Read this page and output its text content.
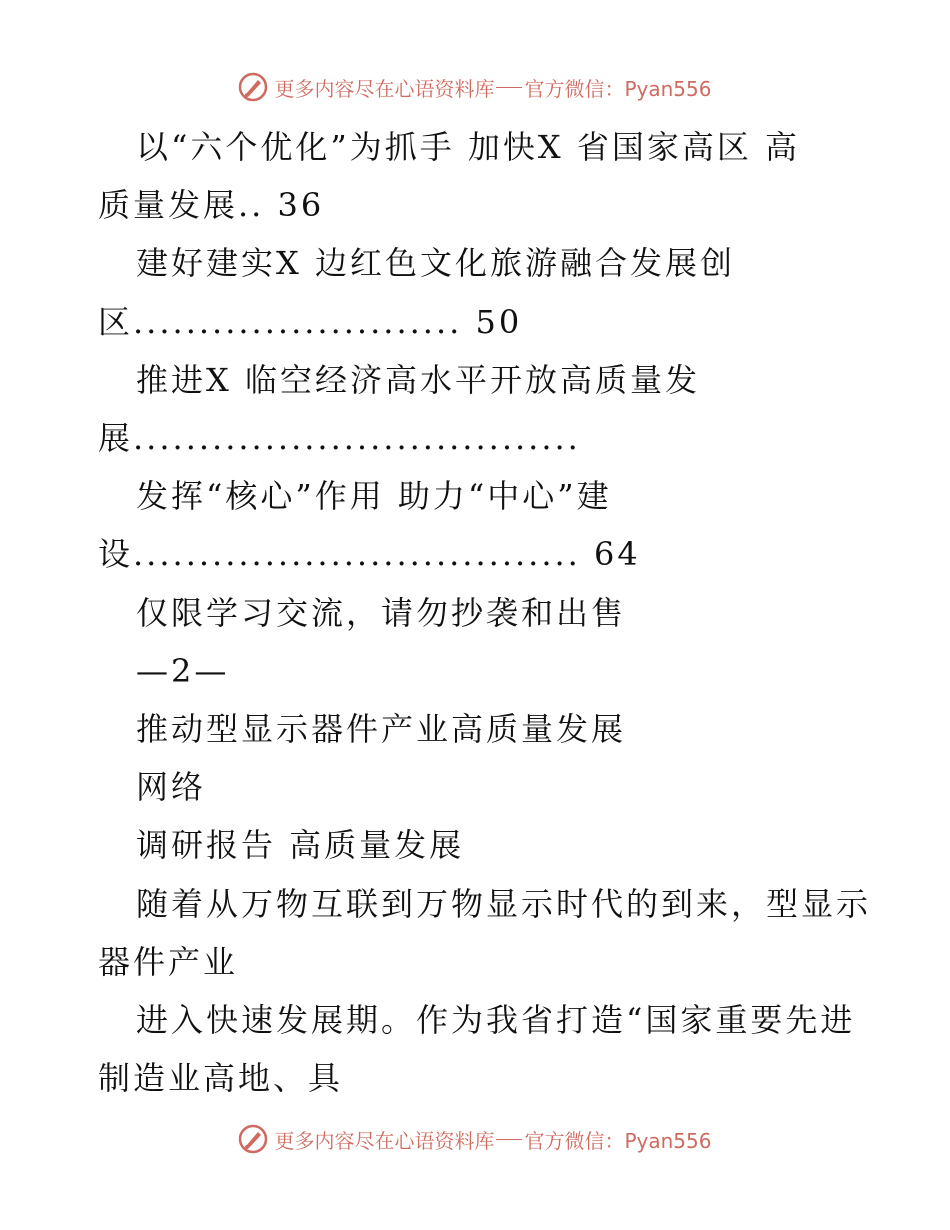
更多内容尽在心语资料库 官方微信：Pyan556
以“六个优化”为抓手 加快X 省国家高区 高
质量发展.. 36
建好建实X 边红色文化旅游融合发展创
区......................... 50
推进X 临空经济高水平开放高质量发
展..................................
发挥“核心”作用 助力“中心”建
设.................................. 64
仅限学习交流，请勿抄袭和出售
—2—
推动型显示器件产业高质量发展
网络
调研报告 高质量发展
随着从万物互联到万物显示时代的到来，型显示
器件产业
进入快速发展期。作为我省打造“国家重要先进
制造业高地、具
更多内容尽在心语资料库 官方微信：Pyan556
